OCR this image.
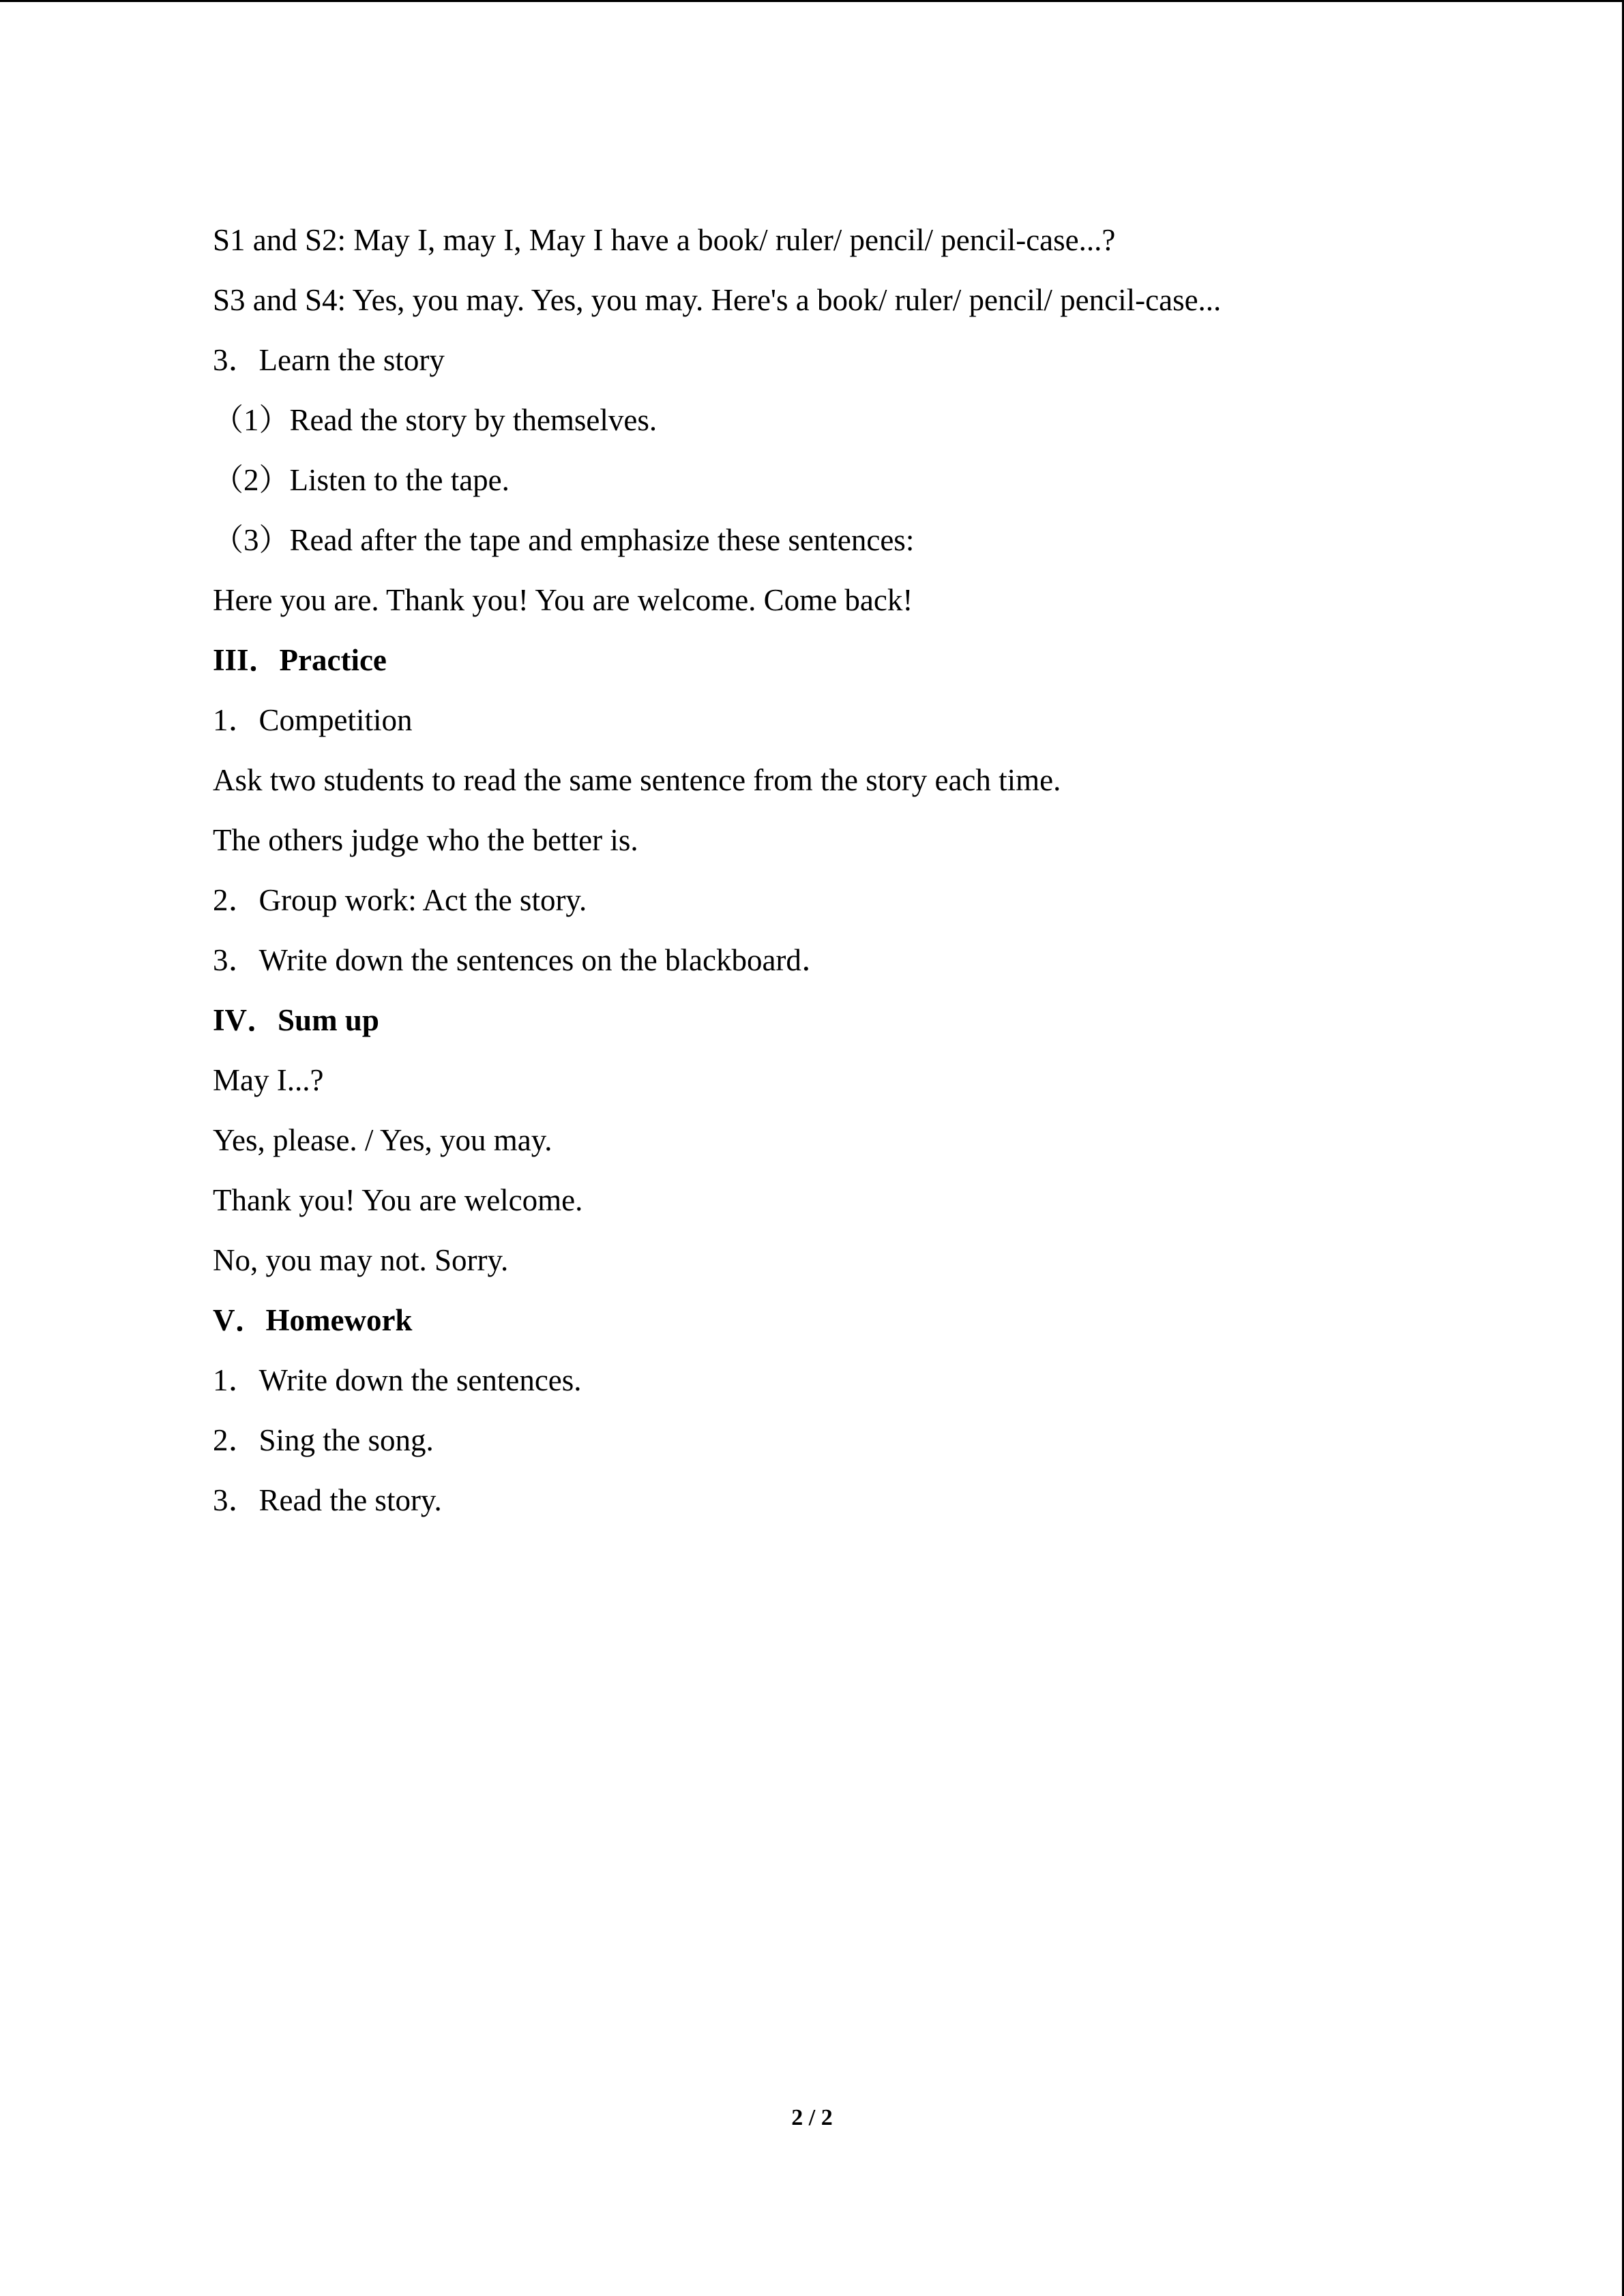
S1 and S2: May I, may I, May I have a book/ ruler/ pencil/ pencil-case...?
S3 and S4: Yes, you may. Yes, you may. Here's a book/ ruler/ pencil/ pencil-case...
3．Learn the story
（1）Read the story by themselves.
（2）Listen to the tape.
（3）Read after the tape and emphasize these sentences:
Here you are. Thank you! You are welcome. Come back!
III．Practice
1．Competition
Ask two students to read the same sentence from the story each time.
The others judge who the better is.
2．Group work: Act the story.
3．Write down the sentences on the blackboard．
IV．Sum up
May I...?
Yes, please. / Yes, you may.
Thank you! You are welcome.
No, you may not. Sorry.
V．Homework
1．Write down the sentences.
2．Sing the song.
3．Read the story.
2 / 2
